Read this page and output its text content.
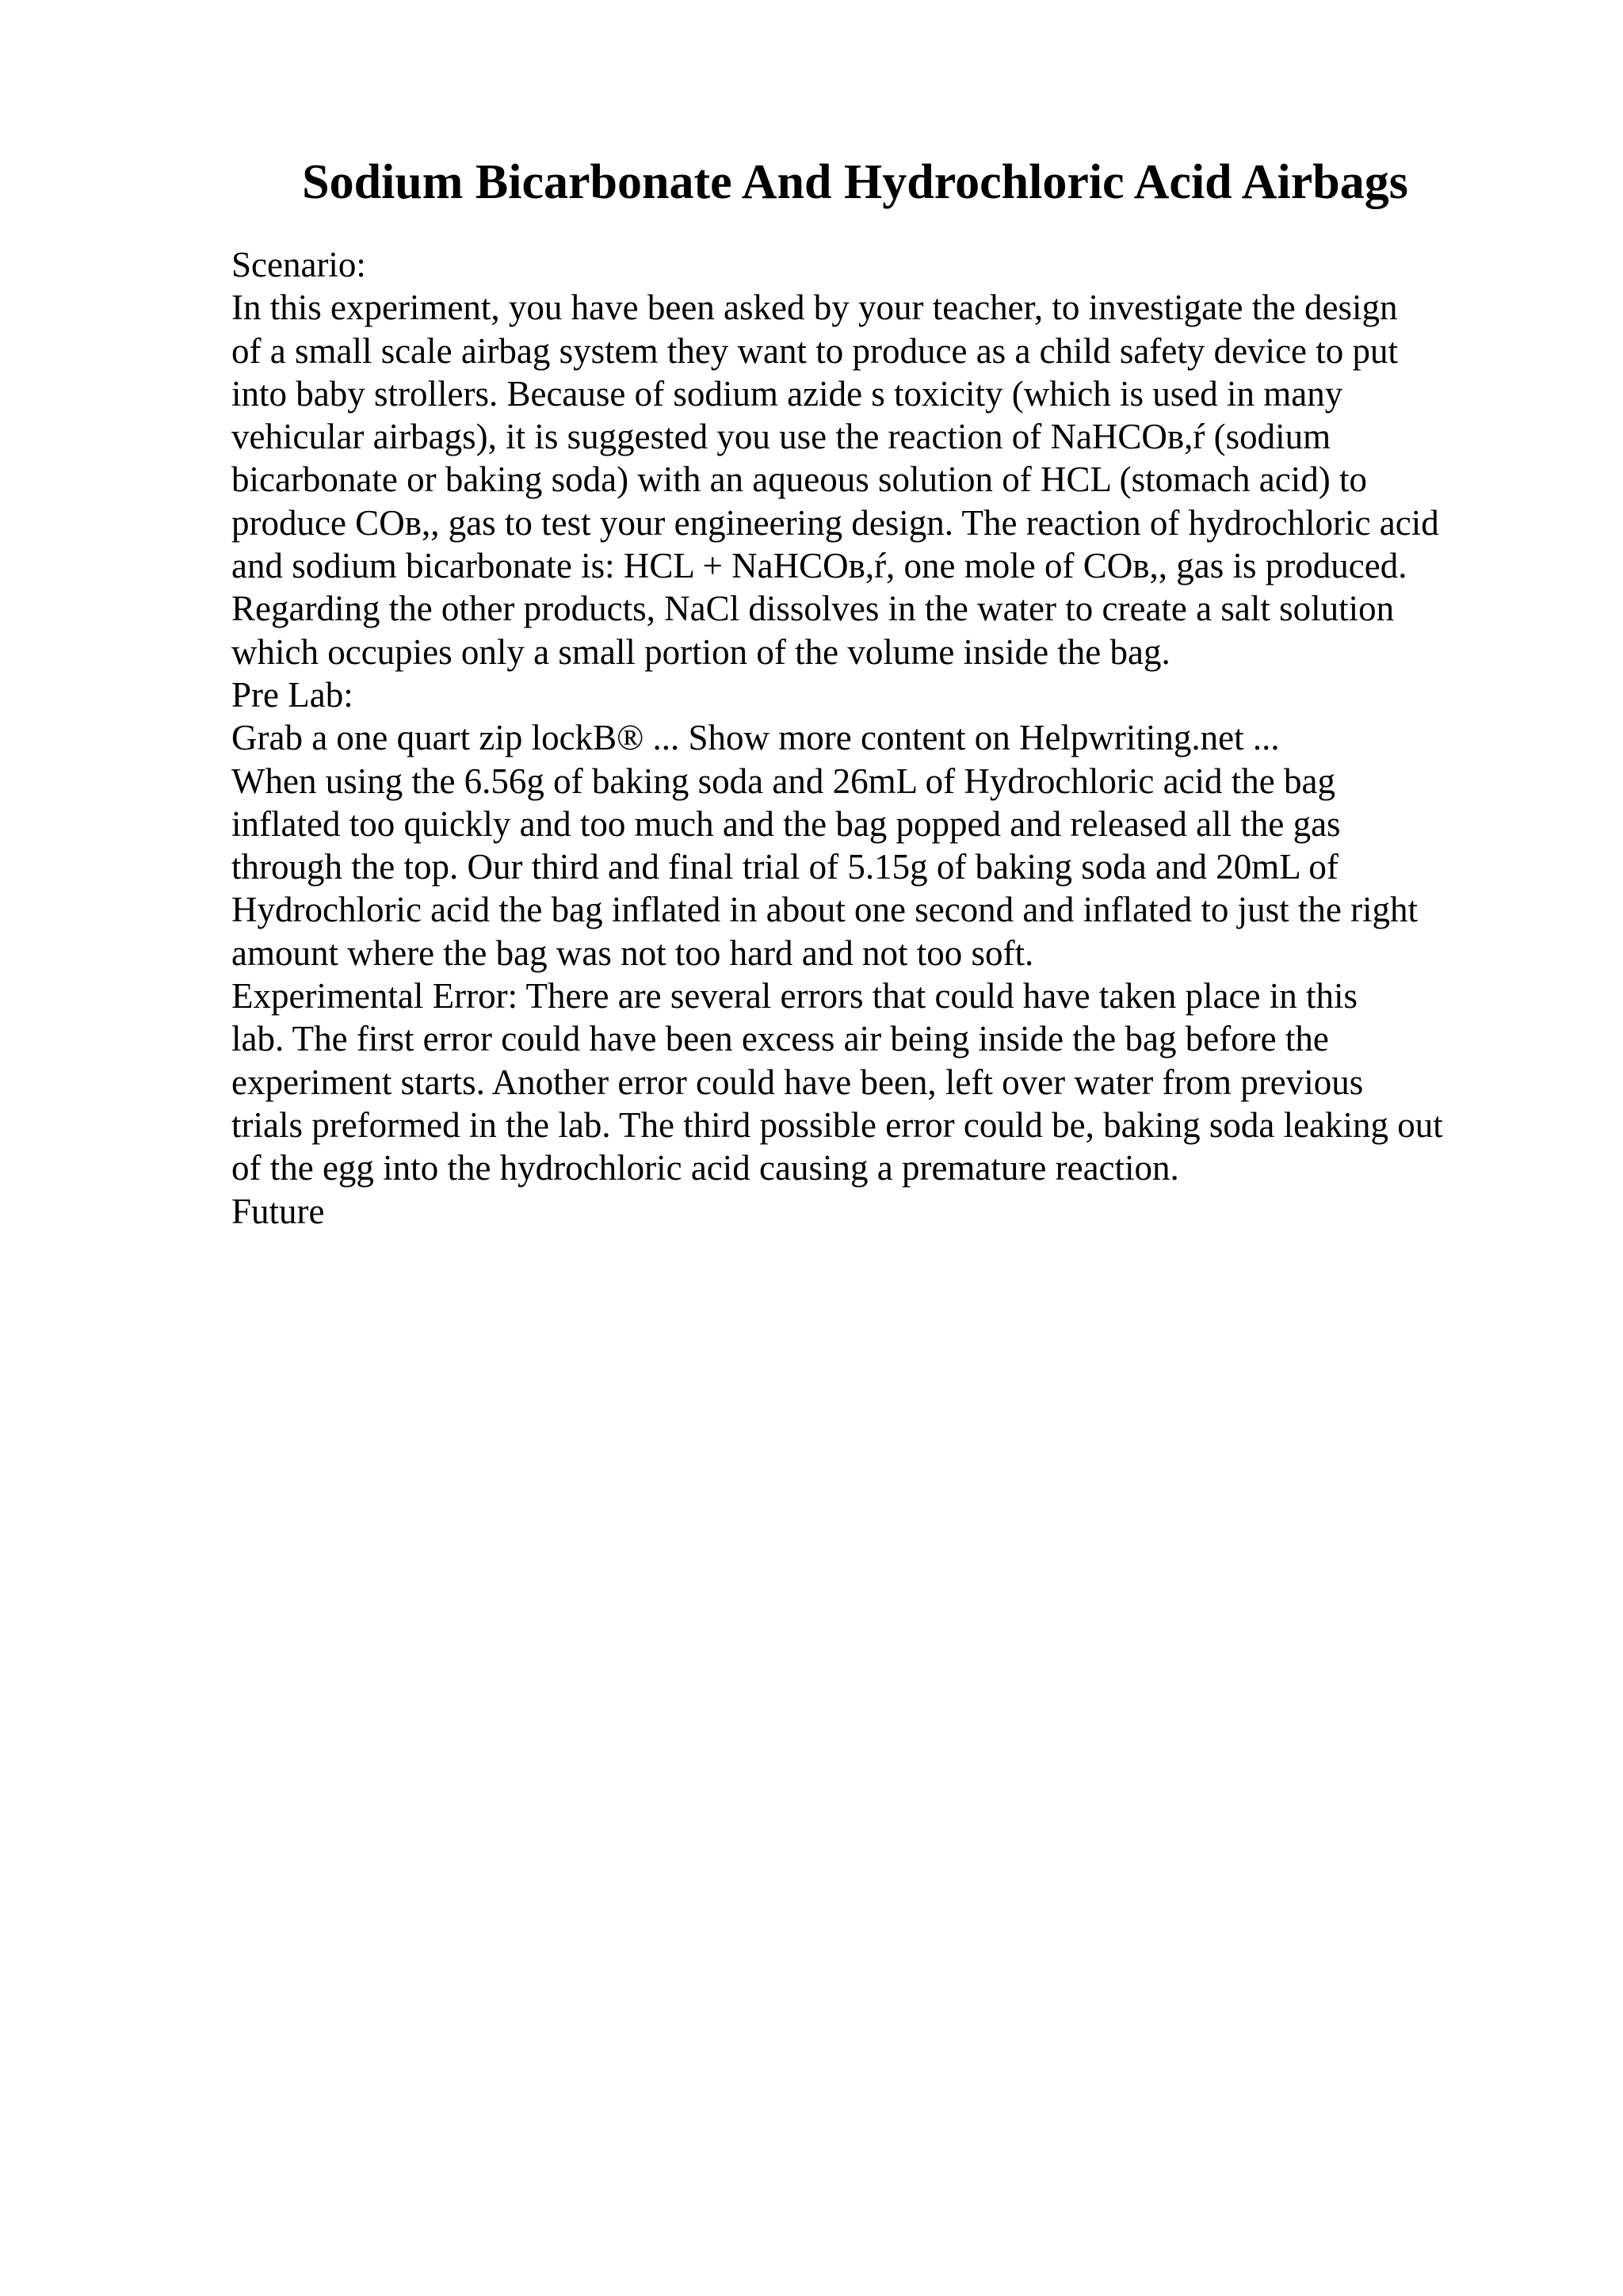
Sodium Bicarbonate And Hydrochloric Acid Airbags
Scenario:
In this experiment, you have been asked by your teacher, to investigate the design
of a small scale airbag system they want to produce as a child safety device to put
into baby strollers. Because of sodium azide s toxicity (which is used in many
vehicular airbags), it is suggested you use the reaction of NaHCOʙ,ŕ (sodium
bicarbonate or baking soda) with an aqueous solution of HCL (stomach acid) to
produce COʙ,, gas to test your engineering design. The reaction of hydrochloric acid
and sodium bicarbonate is: HCL + NaHCOʙ,ŕ, one mole of COʙ,, gas is produced.
Regarding the other products, NaCl dissolves in the water to create a salt solution
which occupies only a small portion of the volume inside the bag.
Pre Lab:
Grab a one quart zip lockB® ... Show more content on Helpwriting.net ...
When using the 6.56g of baking soda and 26mL of Hydrochloric acid the bag
inflated too quickly and too much and the bag popped and released all the gas
through the top. Our third and final trial of 5.15g of baking soda and 20mL of
Hydrochloric acid the bag inflated in about one second and inflated to just the right
amount where the bag was not too hard and not too soft.
Experimental Error: There are several errors that could have taken place in this
lab. The first error could have been excess air being inside the bag before the
experiment starts. Another error could have been, left over water from previous
trials preformed in the lab. The third possible error could be, baking soda leaking out
of the egg into the hydrochloric acid causing a premature reaction.
Future
